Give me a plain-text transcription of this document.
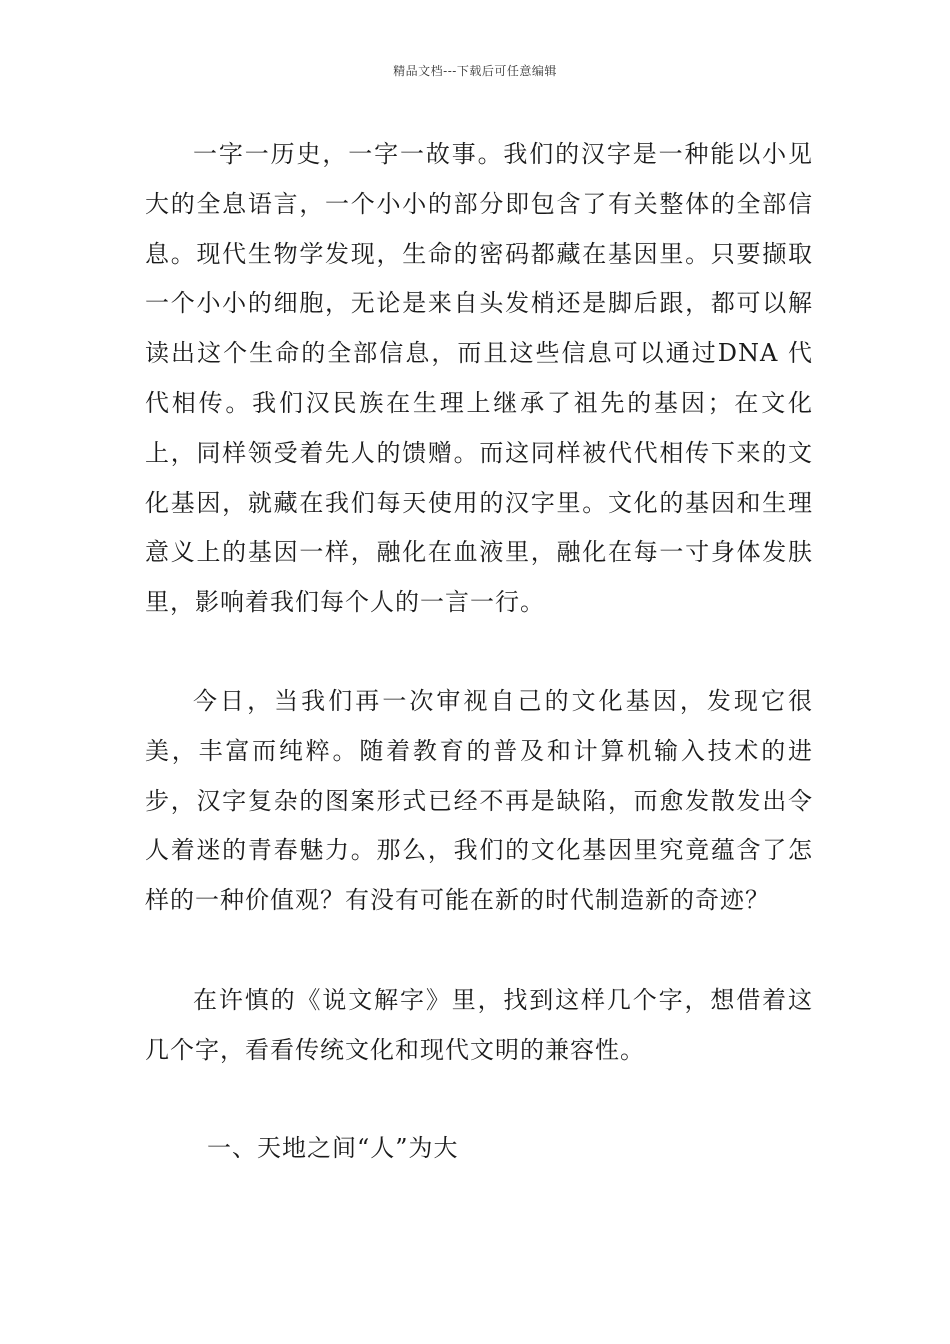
精品文档---下载后可任意编辑

一字一历史，一字一故事。我们的汉字是一种能以小见大的全息语言，一个小小的部分即包含了有关整体的全部信息。现代生物学发现，生命的密码都藏在基因里。只要撷取一个小小的细胞，无论是来自头发梢还是脚后跟，都可以解读出这个生命的全部信息，而且这些信息可以通过DNA 代代相传。我们汉民族在生理上继承了祖先的基因；在文化上，同样领受着先人的馈赠。而这同样被代代相传下来的文化基因，就藏在我们每天使用的汉字里。文化的基因和生理意义上的基因一样，融化在血液里，融化在每一寸身体发肤里，影响着我们每个人的一言一行。

今日，当我们再一次审视自己的文化基因，发现它很美，丰富而纯粹。随着教育的普及和计算机输入技术的进步，汉字复杂的图案形式已经不再是缺陷，而愈发散发出令人着迷的青春魅力。那么，我们的文化基因里究竟蕴含了怎样的一种价值观？有没有可能在新的时代制造新的奇迹？

在许慎的《说文解字》里，找到这样几个字，想借着这几个字，看看传统文化和现代文明的兼容性。

一、天地之间“人”为大
